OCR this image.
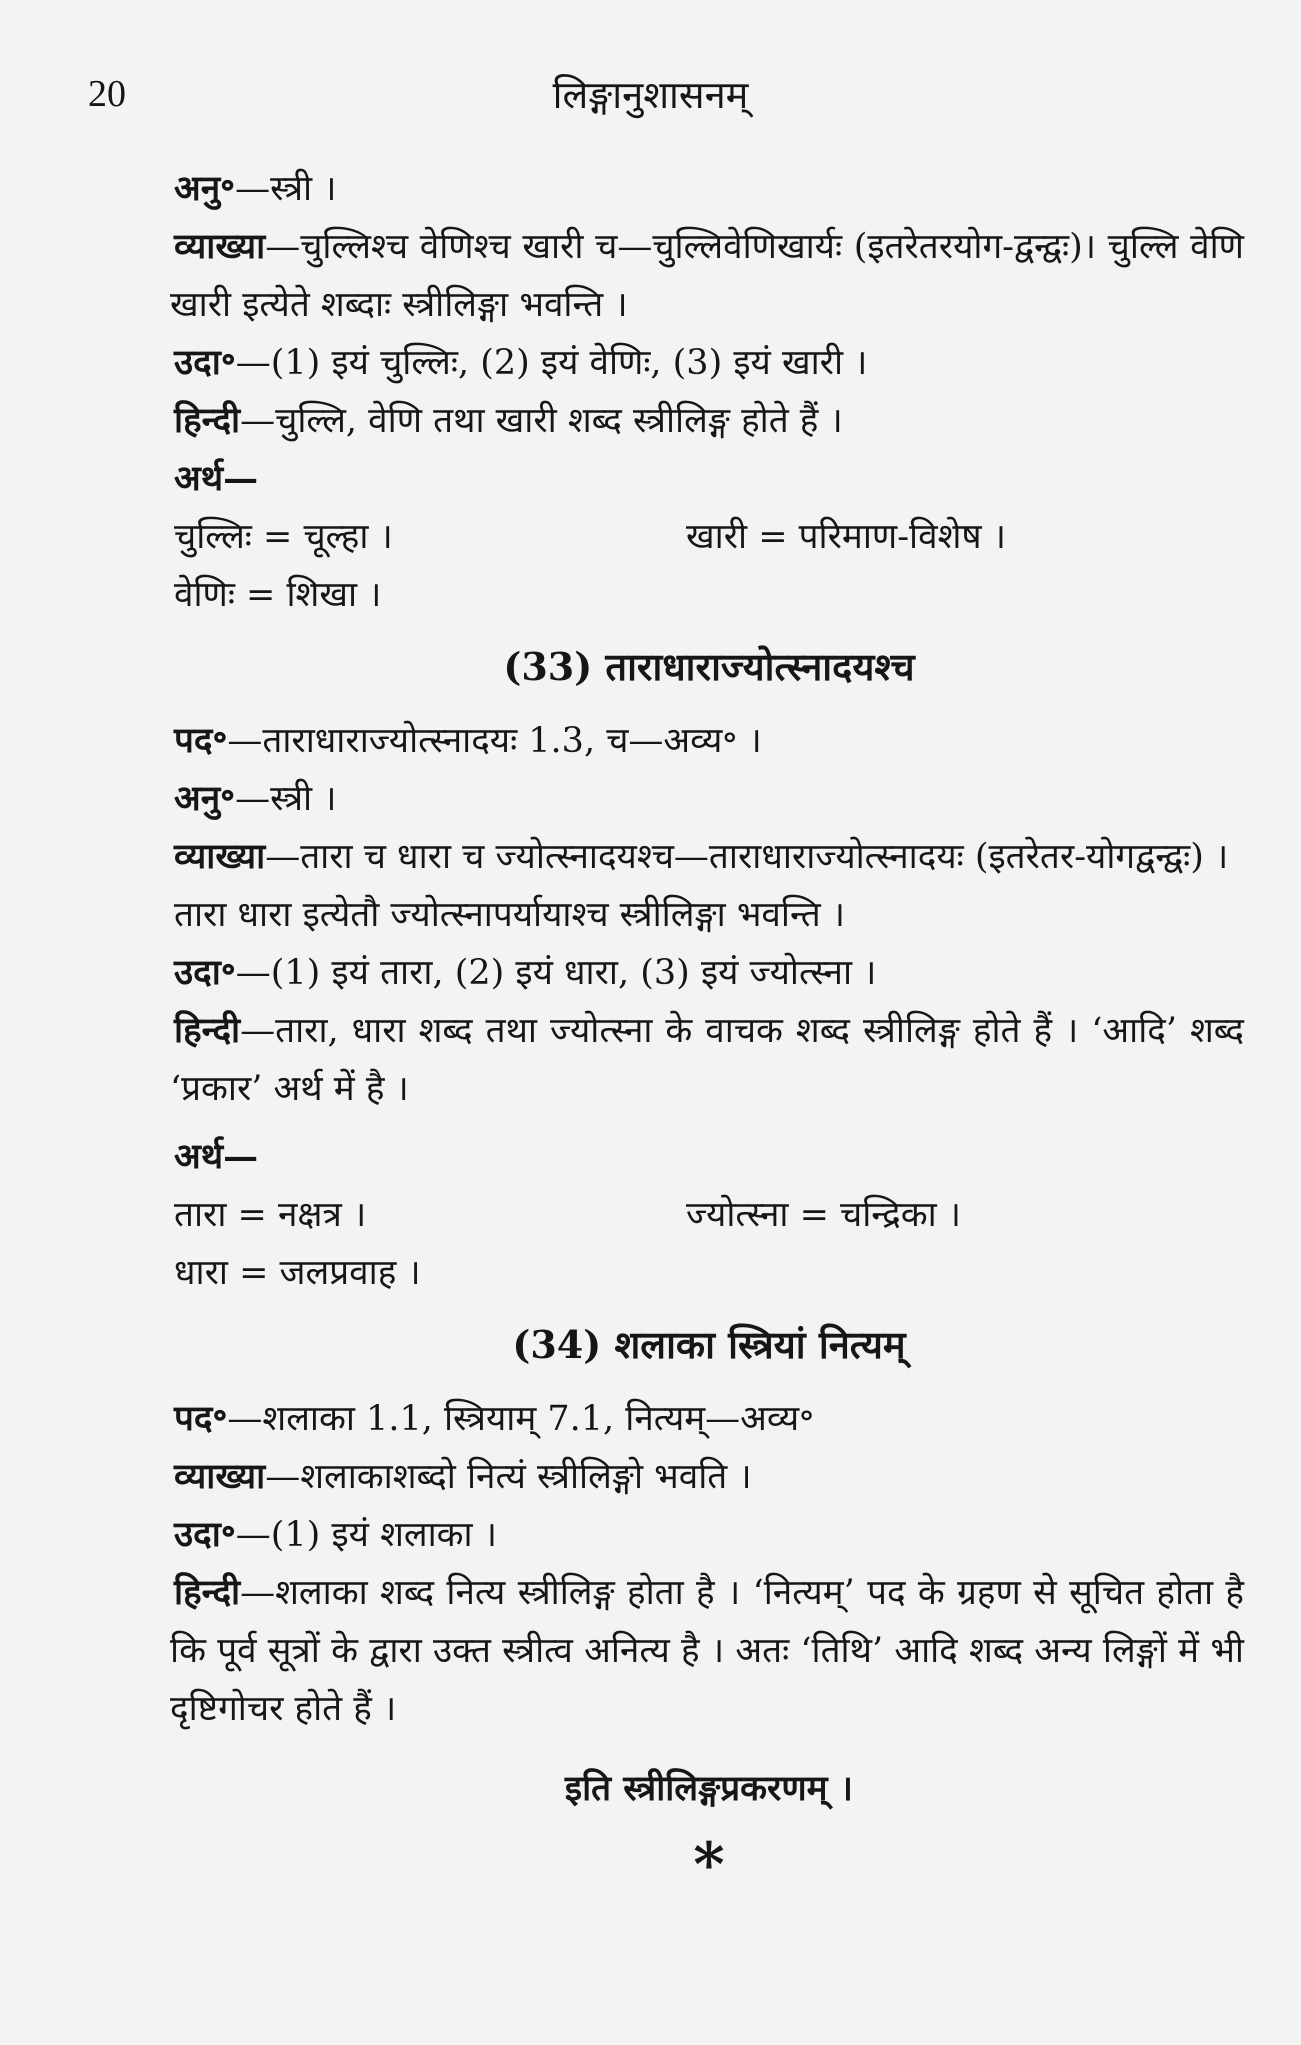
20	लिङ्गानुशासनम्
अनु॰—स्त्री ।
व्याख्या—चुल्लिश्च वेणिश्च खारी च—चुल्लिवेणिखार्यः (इतरेतरयोग-द्वन्द्वः)। चुल्लि वेणि खारी इत्येते शब्दाः स्त्रीलिङ्गा भवन्ति ।
उदा॰—(1) इयं चुल्लिः, (2) इयं वेणिः, (3) इयं खारी ।
हिन्दी—चुल्लि, वेणि तथा खारी शब्द स्त्रीलिङ्ग होते हैं ।
अर्थ—
चुल्लिः = चूल्हा ।	खारी = परिमाण-विशेष ।
वेणिः = शिखा ।
(33) ताराधाराज्योत्स्नादयश्च
पद॰—ताराधाराज्योत्स्नादयः 1.3, च—अव्य॰ ।
अनु॰—स्त्री ।
व्याख्या—तारा च धारा च ज्योत्स्नादयश्च—ताराधाराज्योत्स्नादयः (इतरेतर-योगद्वन्द्वः) ।
तारा धारा इत्येतौ ज्योत्स्नापर्यायाश्च स्त्रीलिङ्गा भवन्ति ।
उदा॰—(1) इयं तारा, (2) इयं धारा, (3) इयं ज्योत्स्ना ।
हिन्दी—तारा, धारा शब्द तथा ज्योत्स्ना के वाचक शब्द स्त्रीलिङ्ग होते हैं । ‘आदि’ शब्द ‘प्रकार’ अर्थ में है ।
अर्थ—
तारा = नक्षत्र ।	ज्योत्स्ना = चन्द्रिका ।
धारा = जलप्रवाह ।
(34) शलाका स्त्रियां नित्यम्
पद॰—शलाका 1.1, स्त्रियाम् 7.1, नित्यम्—अव्य॰
व्याख्या—शलाकाशब्दो नित्यं स्त्रीलिङ्गो भवति ।
उदा॰—(1) इयं शलाका ।
हिन्दी—शलाका शब्द नित्य स्त्रीलिङ्ग होता है । ‘नित्यम्’ पद के ग्रहण से सूचित होता है कि पूर्व सूत्रों के द्वारा उक्त स्त्रीत्व अनित्य है । अतः ‘तिथि’ आदि शब्द अन्य लिङ्गों में भी दृष्टिगोचर होते हैं ।
इति स्त्रीलिङ्गप्रकरणम् ।
*
